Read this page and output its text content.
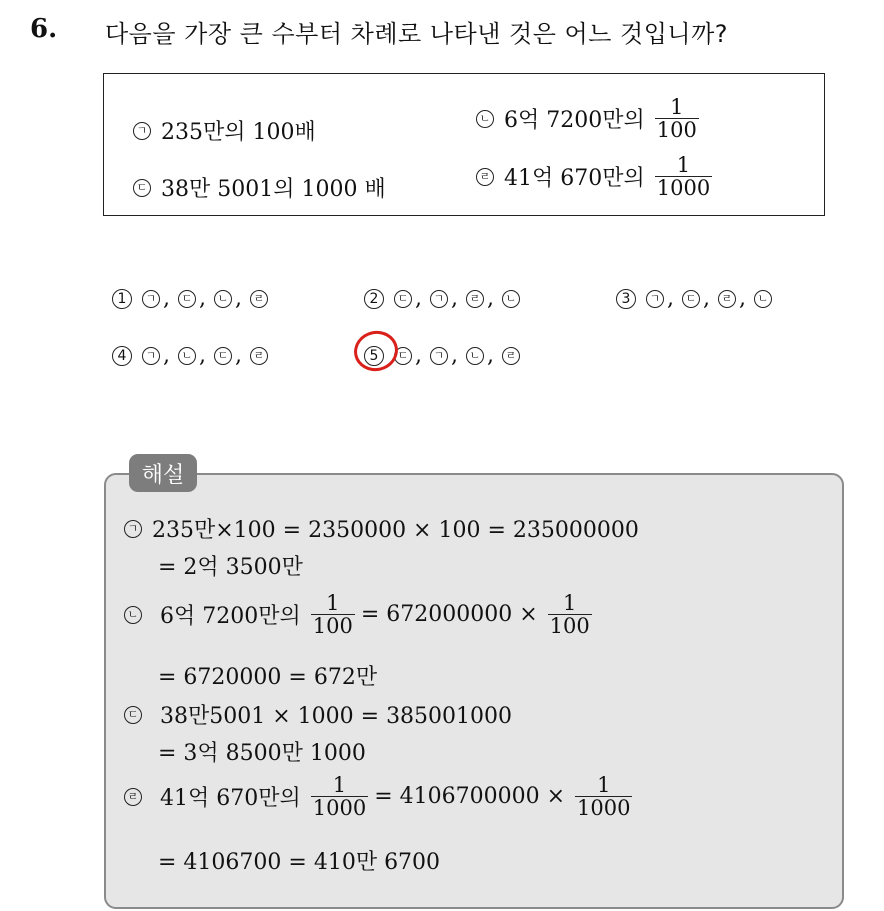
6. 다음을 가장 큰 수부터 차례로 나타낸 것은 어느 것입니까?
ㄱ 235만의 100배
ㄴ 6억 7200만의 $\frac{1}{100}$
ㄷ 38만 5001의 1000 배
ㄹ 41억 670만의 $\frac{1}{1000}$
1	ㄱ ,	ㄷ ,	ㄴ ,	ㄹ	2	ㄷ ,	ㄱ ,	ㄹ ,	ㄴ	3	ㄱ ,	ㄷ ,	ㄹ ,	ㄴ
4	ㄱ ,	ㄴ ,	ㄷ ,	ㄹ	5	ㄷ ,	ㄱ ,	ㄴ ,	ㄹ
해설
ㄱ 235만×100 = 2350000 × 100 = 235000000
= 2억 3500만
ㄴ 6억 7200만의 $\frac{1}{100} = 672000000 \times \frac{1}{100}$
= 6720000 = 672만
ㄷ 38만5001 × 1000 = 385001000
= 3억 8500만 1000
ㄹ 41억 670만의 $\frac{1}{1000} = 4106700000 \times \frac{1}{1000}$
= 4106700 = 410만 6700
